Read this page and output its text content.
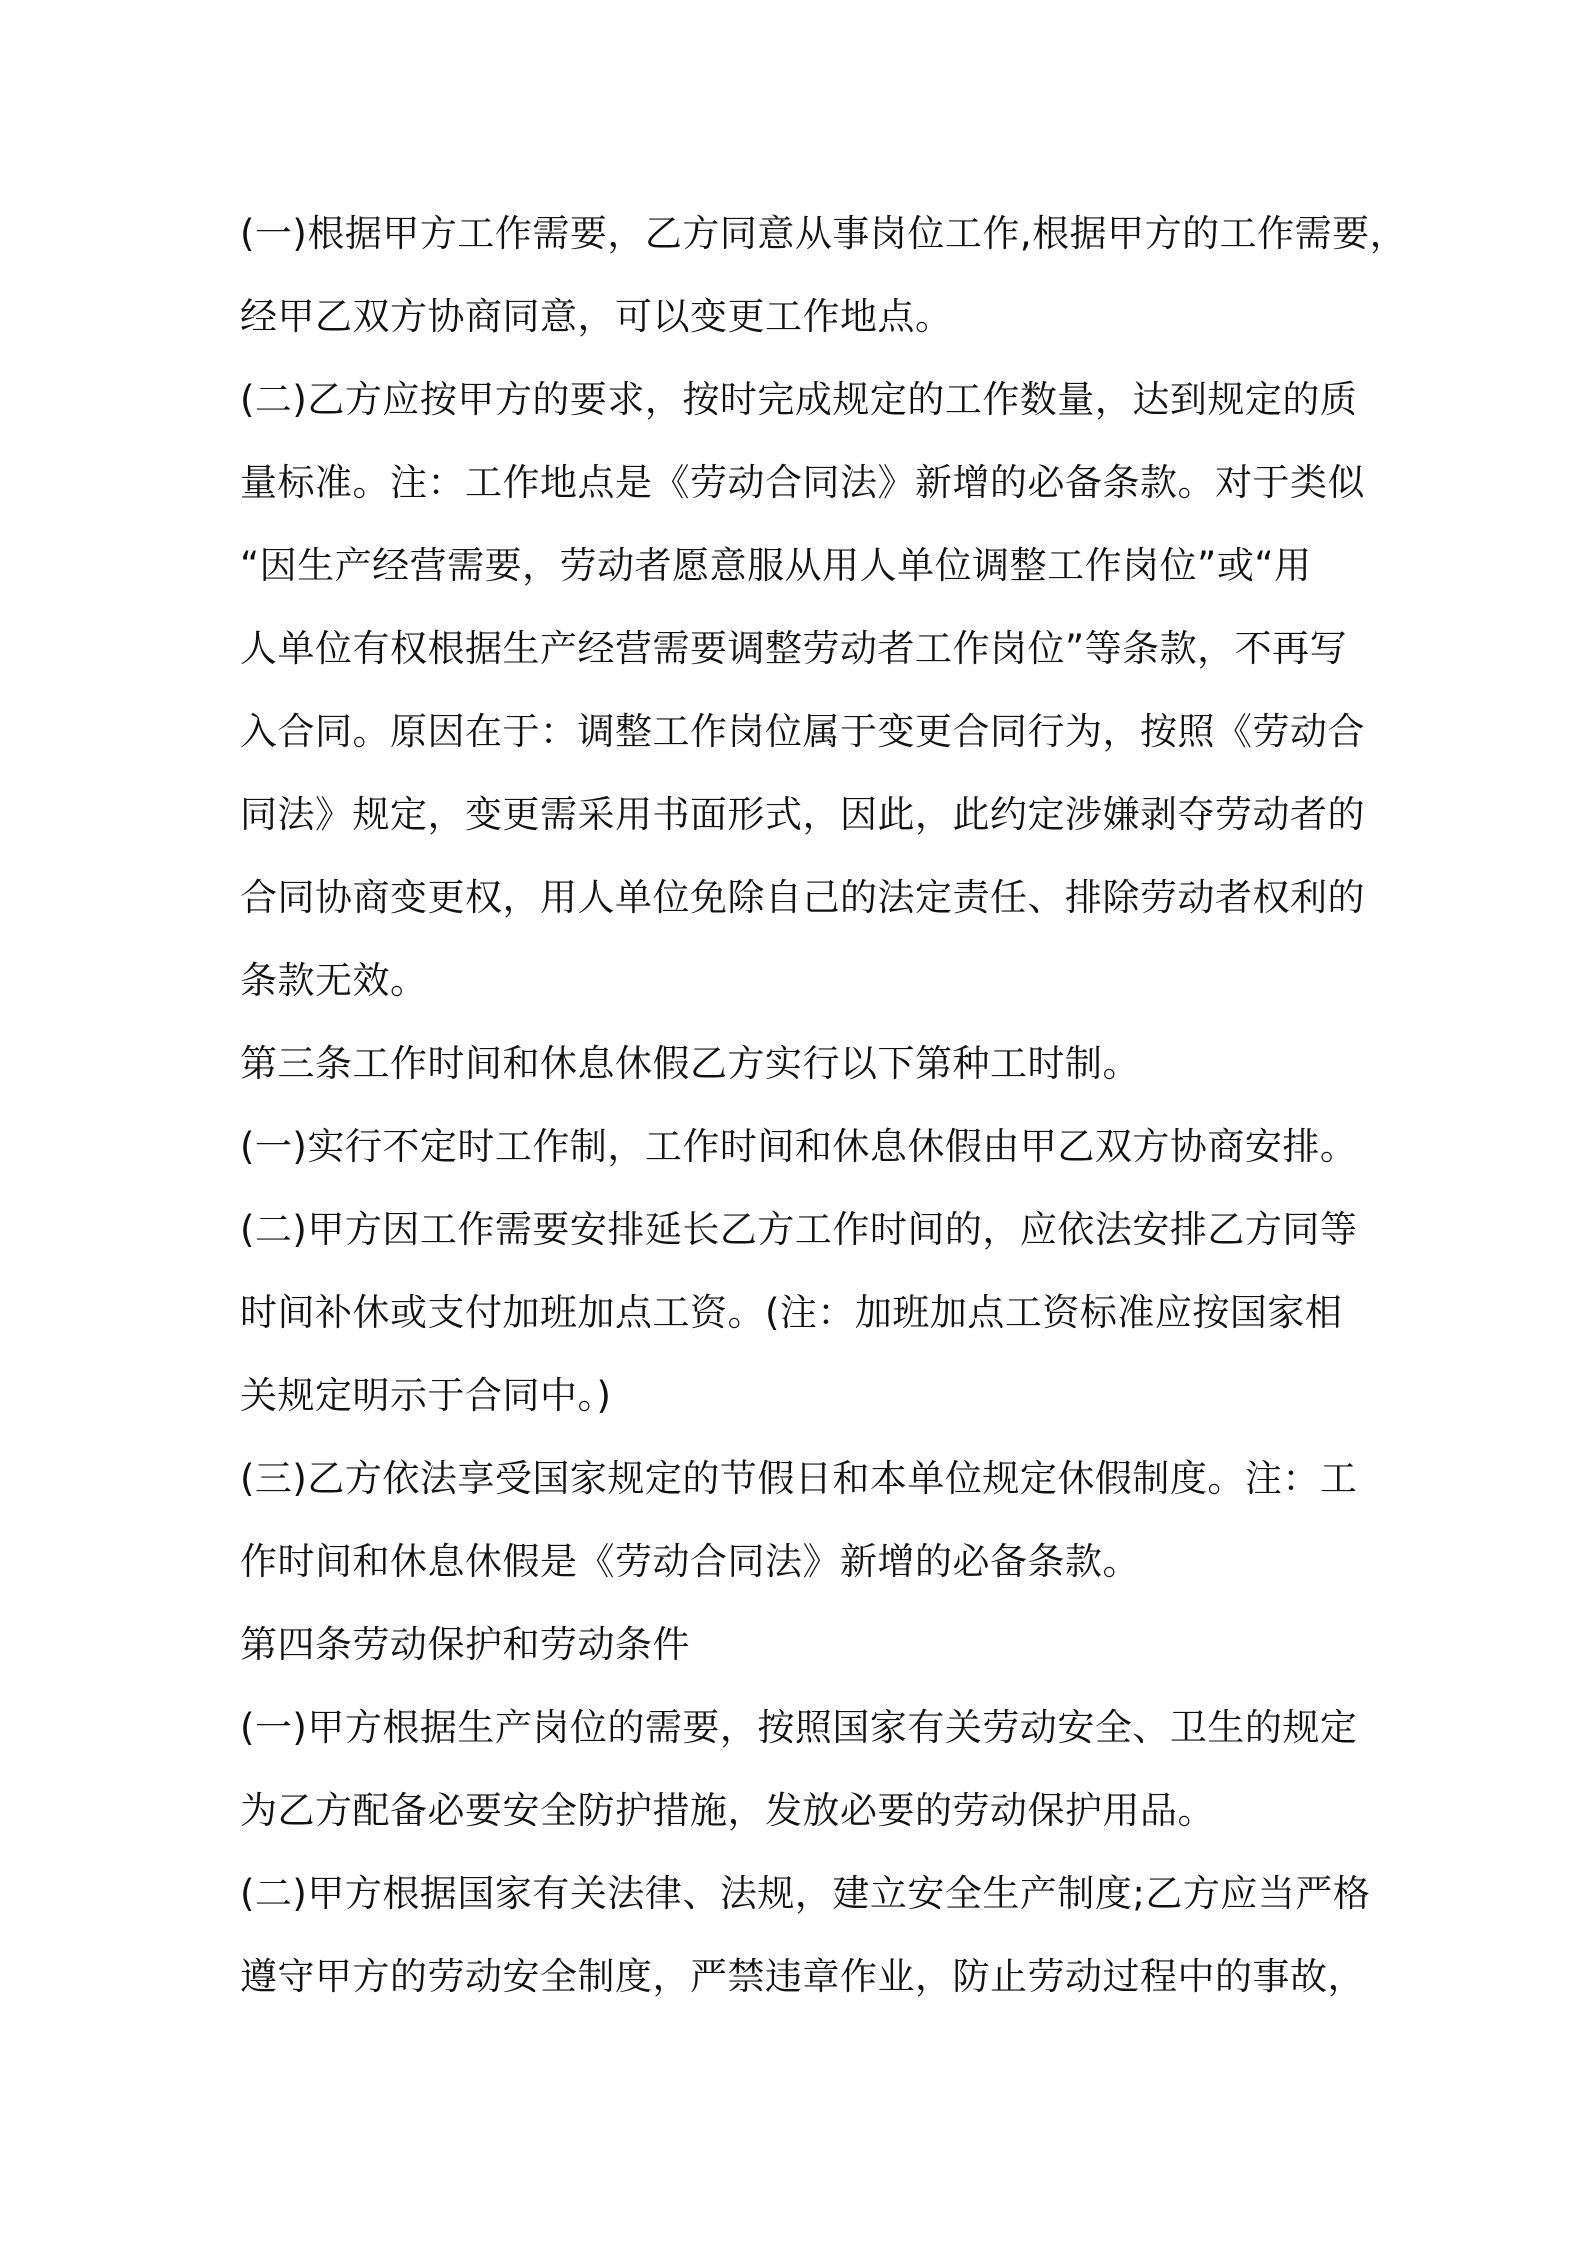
(一)根据甲方工作需要，乙方同意从事岗位工作,根据甲方的工作需要，
经甲乙双方协商同意，可以变更工作地点。
(二)乙方应按甲方的要求，按时完成规定的工作数量，达到规定的质
量标准。注：工作地点是《劳动合同法》新增的必备条款。对于类似
“因生产经营需要，劳动者愿意服从用人单位调整工作岗位”或“用
人单位有权根据生产经营需要调整劳动者工作岗位”等条款，不再写
入合同。原因在于：调整工作岗位属于变更合同行为，按照《劳动合
同法》规定，变更需采用书面形式，因此，此约定涉嫌剥夺劳动者的
合同协商变更权，用人单位免除自己的法定责任、排除劳动者权利的
条款无效。
第三条工作时间和休息休假乙方实行以下第种工时制。
(一)实行不定时工作制，工作时间和休息休假由甲乙双方协商安排。
(二)甲方因工作需要安排延长乙方工作时间的，应依法安排乙方同等
时间补休或支付加班加点工资。(注：加班加点工资标准应按国家相
关规定明示于合同中。)
(三)乙方依法享受国家规定的节假日和本单位规定休假制度。注：工
作时间和休息休假是《劳动合同法》新增的必备条款。
第四条劳动保护和劳动条件
(一)甲方根据生产岗位的需要，按照国家有关劳动安全、卫生的规定
为乙方配备必要安全防护措施，发放必要的劳动保护用品。
(二)甲方根据国家有关法律、法规，建立安全生产制度;乙方应当严格
遵守甲方的劳动安全制度，严禁违章作业，防止劳动过程中的事故，
